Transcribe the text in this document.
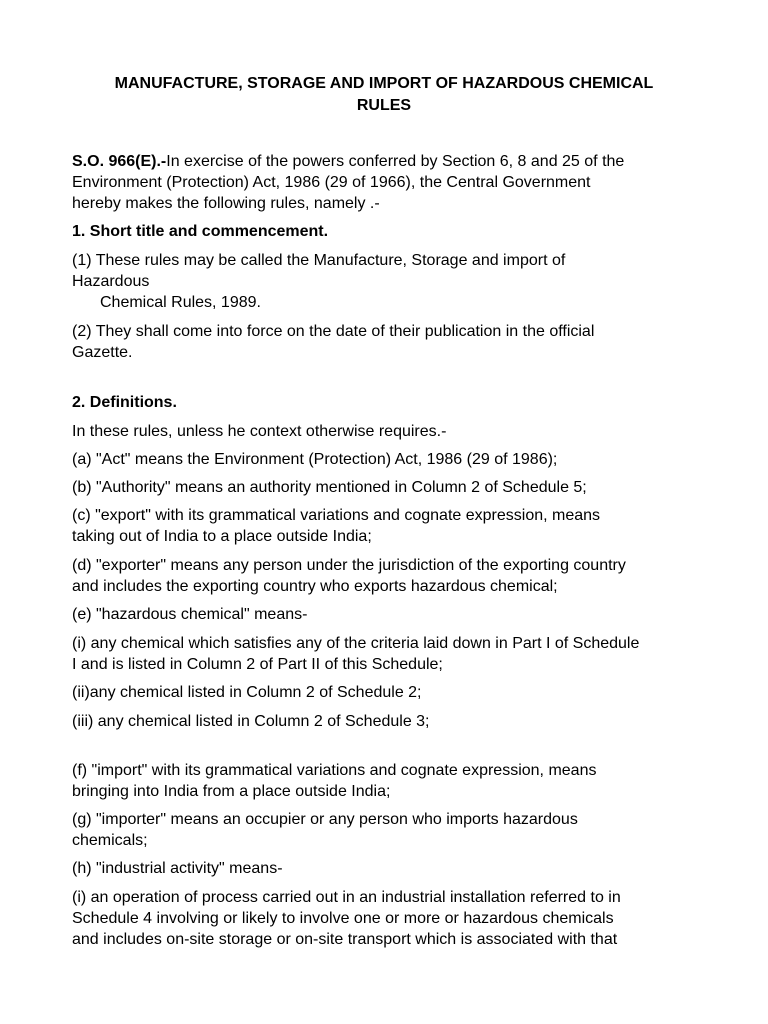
MANUFACTURE, STORAGE AND IMPORT OF HAZARDOUS CHEMICAL
RULES
S.O. 966(E).-In exercise of the powers conferred by Section 6, 8 and 25 of the
Environment (Protection) Act, 1986 (29 of 1966), the Central Government
hereby makes the following rules, namely .-
1. Short title and commencement.
(1) These rules may be called the Manufacture, Storage and import of
Hazardous
Chemical Rules, 1989.
(2) They shall come into force on the date of their publication in the official
Gazette.
2. Definitions.
In these rules, unless he context otherwise requires.-
(a) "Act" means the Environment (Protection) Act, 1986 (29 of 1986);
(b) "Authority" means an authority mentioned in Column 2 of Schedule 5;
(c) "export" with its grammatical variations and cognate expression, means
taking out of India to a place outside India;
(d) "exporter" means any person under the jurisdiction of the exporting country
and includes the exporting country who exports hazardous chemical;
(e) "hazardous chemical" means-
(i) any chemical which satisfies any of the criteria laid down in Part I of Schedule
I and is listed in Column 2 of Part II of this Schedule;
(ii)any chemical listed in Column 2 of Schedule 2;
(iii) any chemical listed in Column 2 of Schedule 3;
(f) "import" with its grammatical variations and cognate expression, means
bringing into India from a place outside India;
(g) "importer" means an occupier or any person who imports hazardous
chemicals;
(h) "industrial activity" means-
(i) an operation of process carried out in an industrial installation referred to in
Schedule 4 involving or likely to involve one or more or hazardous chemicals
and includes on-site storage or on-site transport which is associated with that
